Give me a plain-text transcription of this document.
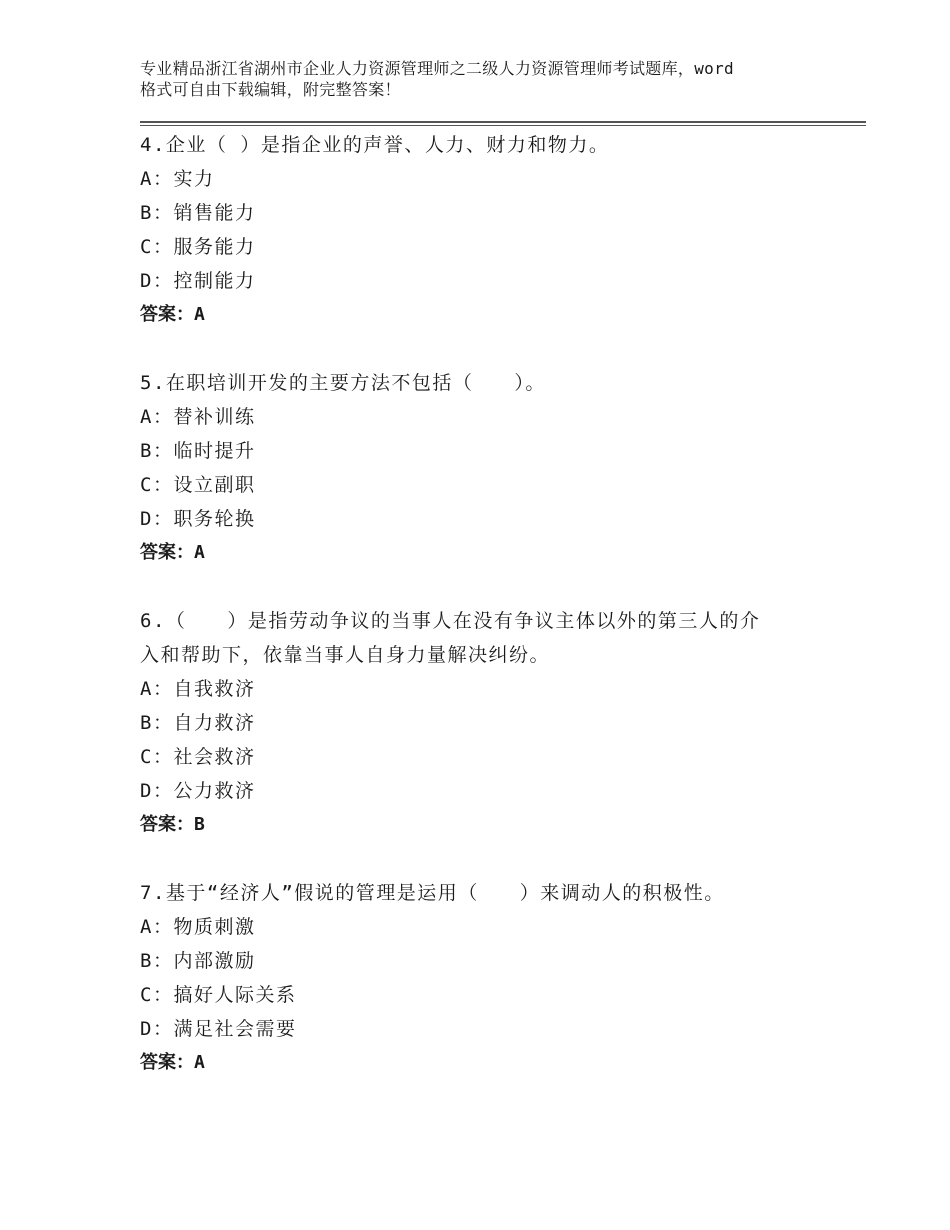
专业精品浙江省湖州市企业人力资源管理师之二级人力资源管理师考试题库，word
格式可自由下载编辑，附完整答案！
4.企业（ ）是指企业的声誉、人力、财力和物力。
A：实力
B：销售能力
C：服务能力
D：控制能力
答案：A
5.在职培训开发的主要方法不包括（　　）。
A：替补训练
B：临时提升
C：设立副职
D：职务轮换
答案：A
6.（　　）是指劳动争议的当事人在没有争议主体以外的第三人的介
入和帮助下，依靠当事人自身力量解决纠纷。
A：自我救济
B：自力救济
C：社会救济
D：公力救济
答案：B
7.基于“经济人”假说的管理是运用（　　）来调动人的积极性。
A：物质刺激
B：内部激励
C：搞好人际关系
D：满足社会需要
答案：A
